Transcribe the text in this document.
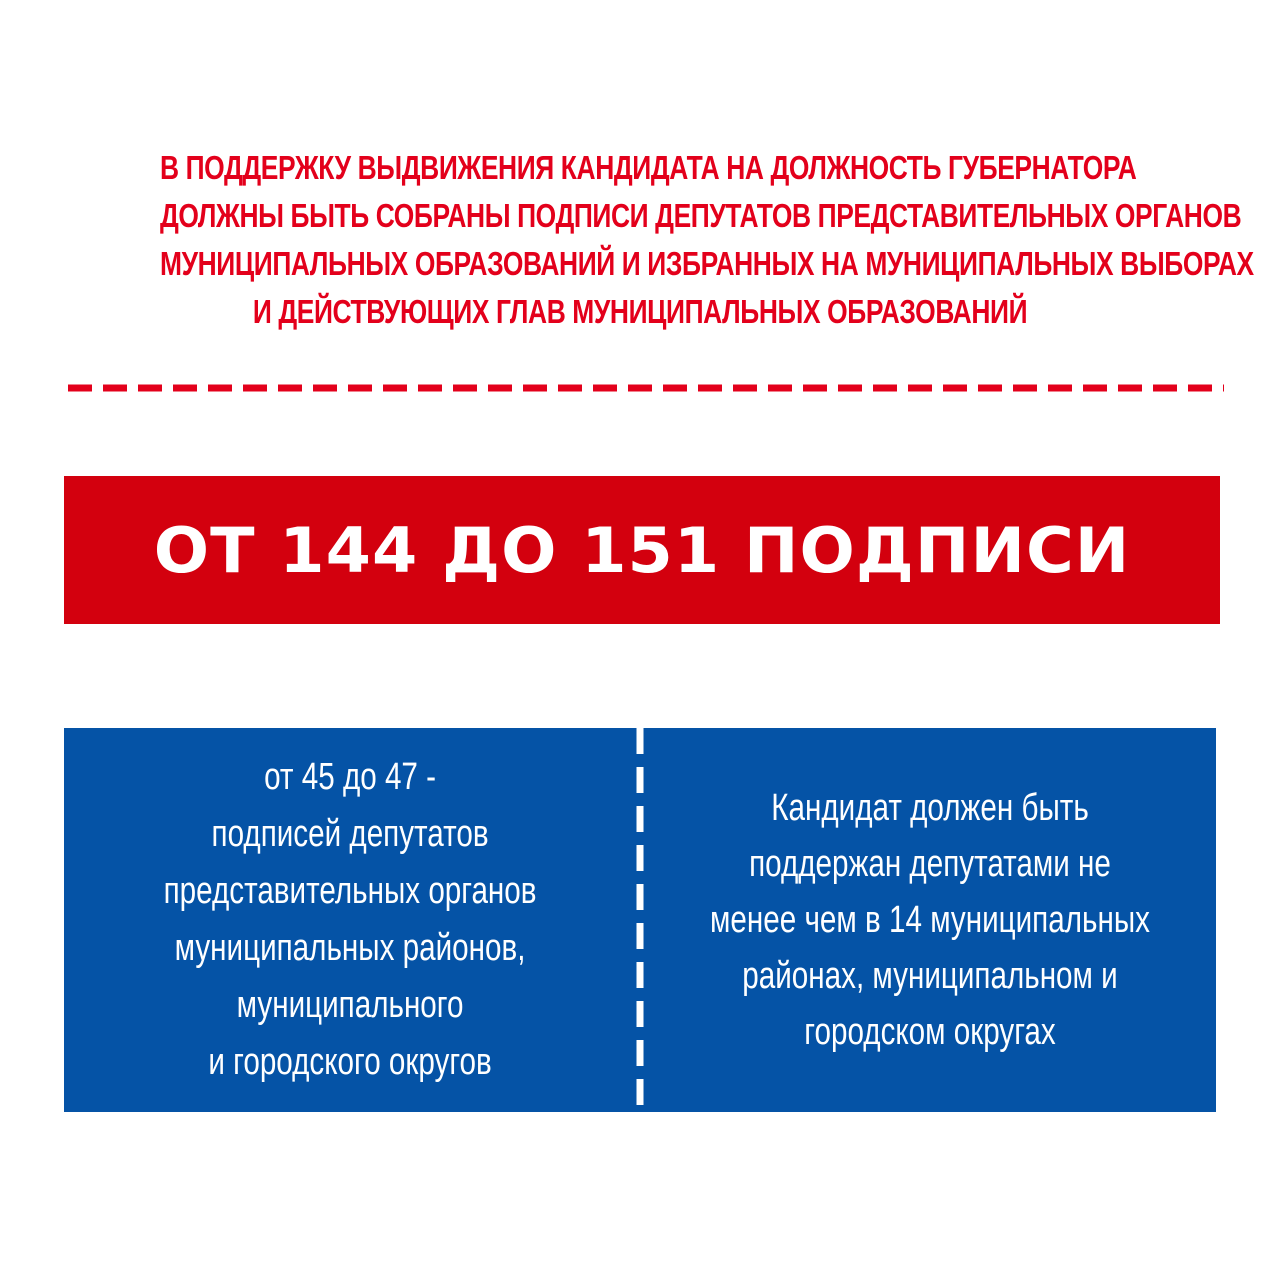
В ПОДДЕРЖКУ ВЫДВИЖЕНИЯ КАНДИДАТА НА ДОЛЖНОСТЬ ГУБЕРНАТОРА
ДОЛЖНЫ БЫТЬ СОБРАНЫ ПОДПИСИ ДЕПУТАТОВ ПРЕДСТАВИТЕЛЬНЫХ ОРГАНОВ
МУНИЦИПАЛЬНЫХ ОБРАЗОВАНИЙ И ИЗБРАННЫХ НА МУНИЦИПАЛЬНЫХ ВЫБОРАХ
И ДЕЙСТВУЮЩИХ ГЛАВ МУНИЦИПАЛЬНЫХ ОБРАЗОВАНИЙ
ОТ 144 ДО 151 ПОДПИСИ
от 45 до 47 -
подписей депутатов
представительных органов
муниципальных районов,
муниципального
и городского округов
Кандидат должен быть
поддержан депутатами не
менее чем в 14 муниципальных
районах, муниципальном и
городском округах
